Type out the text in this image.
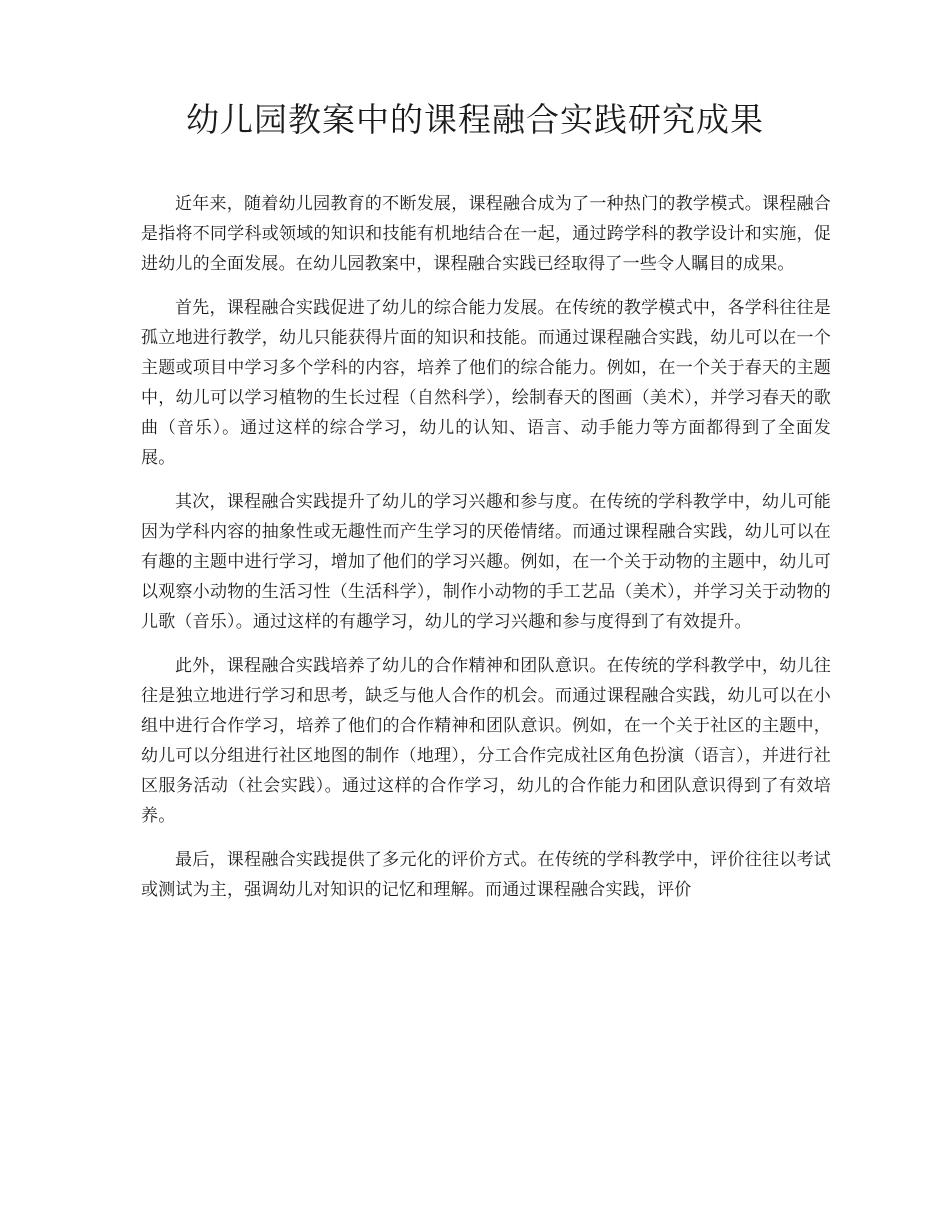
幼儿园教案中的课程融合实践研究成果

近年来，随着幼儿园教育的不断发展，课程融合成为了一种热门的教学模式。课程融合是指将不同学科或领域的知识和技能有机地结合在一起，通过跨学科的教学设计和实施，促进幼儿的全面发展。在幼儿园教案中，课程融合实践已经取得了一些令人瞩目的成果。

首先，课程融合实践促进了幼儿的综合能力发展。在传统的教学模式中，各学科往往是孤立地进行教学，幼儿只能获得片面的知识和技能。而通过课程融合实践，幼儿可以在一个主题或项目中学习多个学科的内容，培养了他们的综合能力。例如，在一个关于春天的主题中，幼儿可以学习植物的生长过程（自然科学），绘制春天的图画（美术），并学习春天的歌曲（音乐）。通过这样的综合学习，幼儿的认知、语言、动手能力等方面都得到了全面发展。

其次，课程融合实践提升了幼儿的学习兴趣和参与度。在传统的学科教学中，幼儿可能因为学科内容的抽象性或无趣性而产生学习的厌倦情绪。而通过课程融合实践，幼儿可以在有趣的主题中进行学习，增加了他们的学习兴趣。例如，在一个关于动物的主题中，幼儿可以观察小动物的生活习性（生活科学），制作小动物的手工艺品（美术），并学习关于动物的儿歌（音乐）。通过这样的有趣学习，幼儿的学习兴趣和参与度得到了有效提升。

此外，课程融合实践培养了幼儿的合作精神和团队意识。在传统的学科教学中，幼儿往往是独立地进行学习和思考，缺乏与他人合作的机会。而通过课程融合实践，幼儿可以在小组中进行合作学习，培养了他们的合作精神和团队意识。例如，在一个关于社区的主题中，幼儿可以分组进行社区地图的制作（地理），分工合作完成社区角色扮演（语言），并进行社区服务活动（社会实践）。通过这样的合作学习，幼儿的合作能力和团队意识得到了有效培养。

最后，课程融合实践提供了多元化的评价方式。在传统的学科教学中，评价往往以考试或测试为主，强调幼儿对知识的记忆和理解。而通过课程融合实践，评价
